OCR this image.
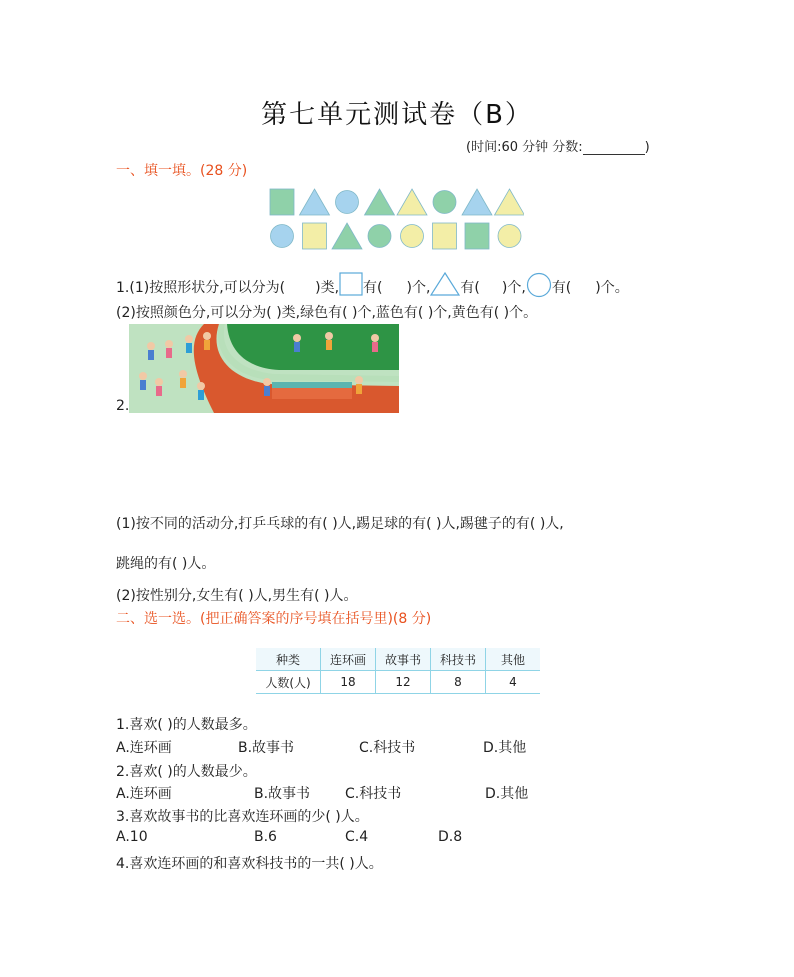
第七单元测试卷（B）
(时间:60 分钟 分数:	)
一、填一填。(28 分)
1.(1)按照形状分,可以分为( )类, 有( )个, 有( )个, 有( )个。
(2)按照颜色分,可以分为( )类,绿色有( )个,蓝色有( )个,黄色有( )个。
2.
(1)按不同的活动分,打乒乓球的有( )人,踢足球的有( )人,踢毽子的有( )人,
跳绳的有( )人。
(2)按性别分,女生有( )人,男生有( )人。
二、选一选。(把正确答案的序号填在括号里)(8 分)
种类	连环画	故事书	科技书	其他
人数(人)	18	12	8	4
1.喜欢( )的人数最多。
A.连环画	B.故事书	C.科技书	D.其他
2.喜欢( )的人数最少。
A.连环画	B.故事书 C.科技书	D.其他
3.喜欢故事书的比喜欢连环画的少( )人。
A.10	B.6	C.4	D.8
4.喜欢连环画的和喜欢科技书的一共( )人。
